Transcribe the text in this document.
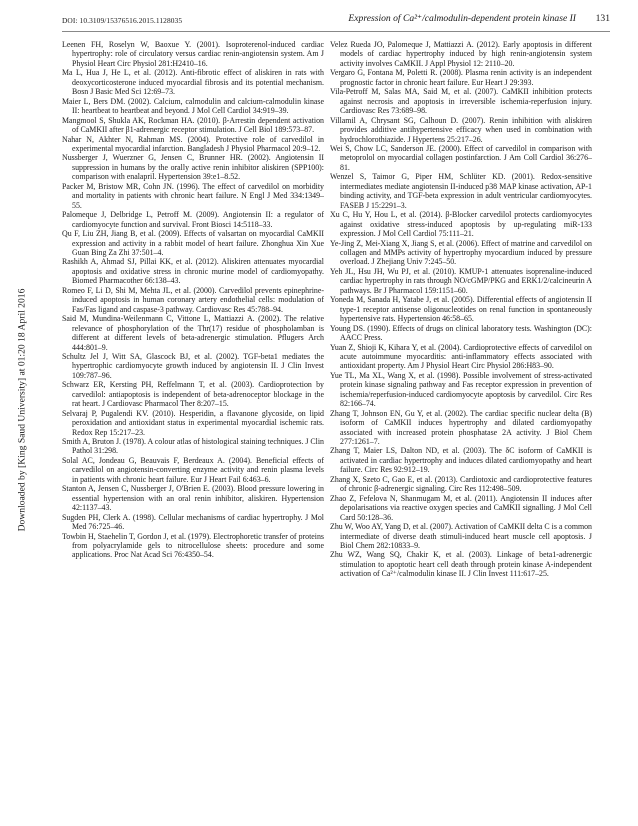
DOI: 10.3109/15376516.2015.1128035	Expression of Ca²⁺/calmodulin-dependent protein kinase II 131
Downloaded by [King Saud University] at 01:20 18 April 2016

Leenen FH, Roselyn W, Baoxue Y. (2001). Isoproterenol-induced cardiac hypertrophy: role of circulatory versus cardiac renin-angiotensin system. Am J Physiol Heart Circ Physiol 281:H2410–16.

Ma L, Hua J, He L, et al. (2012). Anti-fibrotic effect of aliskiren in rats with deoxycorticosterone induced myocardial fibrosis and its potential mechanism. Bosn J Basic Med Sci 12:69–73.

Maier L, Bers DM. (2002). Calcium, calmodulin and calcium-calmodulin kinase II: heartbeat to heartbeat and beyond. J Mol Cell Cardiol 34:919–39.

Mangmool S, Shukla AK, Rockman HA. (2010). β-Arrestin dependent activation of CaMKII after β1-adrenergic receptor stimulation. J Cell Biol 189:573–87.

Nahar N, Akhter N, Rahman MS. (2004). Protective role of carvedilol in experimental myocardial infarction. Bangladesh J Physiol Pharmacol 20:9–12.

Nussberger J, Wuerzner G, Jensen C, Brunner HR. (2002). Angiotensin II suppression in humans by the orally active renin inhibitor aliskiren (SPP100): comparison with enalapril. Hypertension 39:e1–8.52.

Packer M, Bristow MR, Cohn JN. (1996). The effect of carvedilol on morbidity and mortality in patients with chronic heart failure. N Engl J Med 334:1349–55.

Palomeque J, Delbridge L, Petroff M. (2009). Angiotensin II: a regulator of cardiomyocyte function and survival. Front Biosci 14:5118–33.

Qu F, Liu ZH, Jiang B, et al. (2009). Effects of valsartan on myocardial CaMKII expression and activity in a rabbit model of heart failure. Zhonghua Xin Xue Guan Bing Za Zhi 37:501–4.

Rashikh A, Ahmad SJ, Pillai KK, et al. (2012). Aliskiren attenuates myocardial apoptosis and oxidative stress in chronic murine model of cardiomyopathy. Biomed Pharmacother 66:138–43.

Romeo F, Li D, Shi M, Mehta JL, et al. (2000). Carvedilol prevents epinephrine-induced apoptosis in human coronary artery endothelial cells: modulation of Fas/Fas ligand and caspase-3 pathway. Cardiovasc Res 45:788–94.

Said M, Mundina-Weilenmann C, Vittone L, Mattiazzi A. (2002). The relative relevance of phosphorylation of the Thr(17) residue of phospholamban is different at different levels of beta-adrenergic stimulation. Pflugers Arch 444:801–9.

Schultz Jel J, Witt SA, Glascock BJ, et al. (2002). TGF-beta1 mediates the hypertrophic cardiomyocyte growth induced by angiotensin II. J Clin Invest 109:787–96.

Schwarz ER, Kersting PH, Reffelmann T, et al. (2003). Cardioprotection by carvedilol: antiapoptosis is independent of beta-adrenoceptor blockage in the rat heart. J Cardiovasc Pharmacol Ther 8:207–15.

Selvaraj P, Pugalendi KV. (2010). Hesperidin, a flavanone glycoside, on lipid peroxidation and antioxidant status in experimental myocardial ischemic rats. Redox Rep 15:217–23.

Smith A, Bruton J. (1978). A colour atlas of histological staining techniques. J Clin Pathol 31:298.

Solal AC, Jondeau G, Beauvais F, Berdeaux A. (2004). Beneficial effects of carvedilol on angiotensin-converting enzyme activity and renin plasma levels in patients with chronic heart failure. Eur J Heart Fail 6:463–6.

Stanton A, Jensen C, Nussberger J, O'Brien E. (2003). Blood pressure lowering in essential hypertension with an oral renin inhibitor, aliskiren. Hypertension 42:1137–43.

Sugden PH, Clerk A. (1998). Cellular mechanisms of cardiac hypertrophy. J Mol Med 76:725–46.

Towbin H, Staehelin T, Gordon J, et al. (1979). Electrophoretic transfer of proteins from polyacrylamide gels to nitrocellulose sheets: procedure and some applications. Proc Nat Acad Sci 76:4350–54.

Velez Rueda JO, Palomeque J, Mattiazzi A. (2012). Early apoptosis in different models of cardiac hypertrophy induced by high renin-angiotensin system activity involves CaMKII. J Appl Physiol 12: 2110–20.

Vergaro G, Fontana M, Poletti R. (2008). Plasma renin activity is an independent prognostic factor in chronic heart failure. Eur Heart J 29:393.

Vila-Petroff M, Salas MA, Said M, et al. (2007). CaMKII inhibition protects against necrosis and apoptosis in irreversible ischemia-reperfusion injury. Cardiovasc Res 73:689–98.

Villamil A, Chrysant SG, Calhoun D. (2007). Renin inhibition with aliskiren provides additive antihypertensive efficacy when used in combination with hydrochlorothiazide. J Hypertens 25:217–26.

Wei S, Chow LC, Sanderson JE. (2000). Effect of carvedilol in comparison with metoprolol on myocardial collagen postinfarction. J Am Coll Cardiol 36:276–81.

Wenzel S, Taimor G, Piper HM, Schlüter KD. (2001). Redox-sensitive intermediates mediate angiotensin II-induced p38 MAP kinase activation, AP-1 binding activity, and TGF-beta expression in adult ventricular cardiomyocytes. FASEB J 15:2291–3.

Xu C, Hu Y, Hou L, et al. (2014). β-Blocker carvedilol protects cardiomyocytes against oxidative stress-induced apoptosis by up-regulating miR-133 expression. J Mol Cell Cardiol 75:111–21.

Ye-Jing Z, Mei-Xiang X, Jiang S, et al. (2006). Effect of matrine and carvedilol on collagen and MMPs activity of hypertrophy myocardium induced by pressure overload. J Zhejiang Univ 7:245–50.

Yeh JL, Hsu JH, Wu PJ, et al. (2010). KMUP-1 attenuates isoprenaline-induced cardiac hypertrophy in rats through NO/cGMP/PKG and ERK1/2/calcineurin A pathways. Br J Pharmacol 159:1151–60.

Yoneda M, Sanada H, Yatabe J, et al. (2005). Differential effects of angiotensin II type-1 receptor antisense oligonucleotides on renal function in spontaneously hypertensive rats. Hypertension 46:58–65.

Young DS. (1990). Effects of drugs on clinical laboratory tests. Washington (DC): AACC Press.

Yuan Z, Shioji K, Kihara Y, et al. (2004). Cardioprotective effects of carvedilol on acute autoimmune myocarditis: anti-inflammatory effects associated with antioxidant property. Am J Physiol Heart Circ Physiol 286:H83–90.

Yue TL, Ma XL, Wang X, et al. (1998). Possible involvement of stress-activated protein kinase signaling pathway and Fas receptor expression in prevention of ischemia/reperfusion-induced cardiomyocyte apoptosis by carvedilol. Circ Res 82:166–74.

Zhang T, Johnson EN, Gu Y, et al. (2002). The cardiac specific nuclear delta (B) isoform of CaMKII induces hypertrophy and dilated cardiomyopathy associated with increased protein phosphatase 2A activity. J Biol Chem 277:1261–7.

Zhang T, Maier LS, Dalton ND, et al. (2003). The δC isoform of CaMKII is activated in cardiac hypertrophy and induces dilated cardiomyopathy and heart failure. Circ Res 92:912–19.

Zhang X, Szeto C, Gao E, et al. (2013). Cardiotoxic and cardioprotective features of chronic β-adrenergic signaling. Circ Res 112:498–509.

Zhao Z, Fefelova N, Shanmugam M, et al. (2011). Angiotensin II induces after depolarisations via reactive oxygen species and CaMKII signalling. J Mol Cell Card 50:128–36.

Zhu W, Woo AY, Yang D, et al. (2007). Activation of CaMKII delta C is a common intermediate of diverse death stimuli-induced heart muscle cell apoptosis. J Biol Chem 282:10833–9.

Zhu WZ, Wang SQ, Chakir K, et al. (2003). Linkage of beta1-adrenergic stimulation to apoptotic heart cell death through protein kinase A-independent activation of Ca²⁺/calmodulin kinase II. J Clin Invest 111:617–25.
